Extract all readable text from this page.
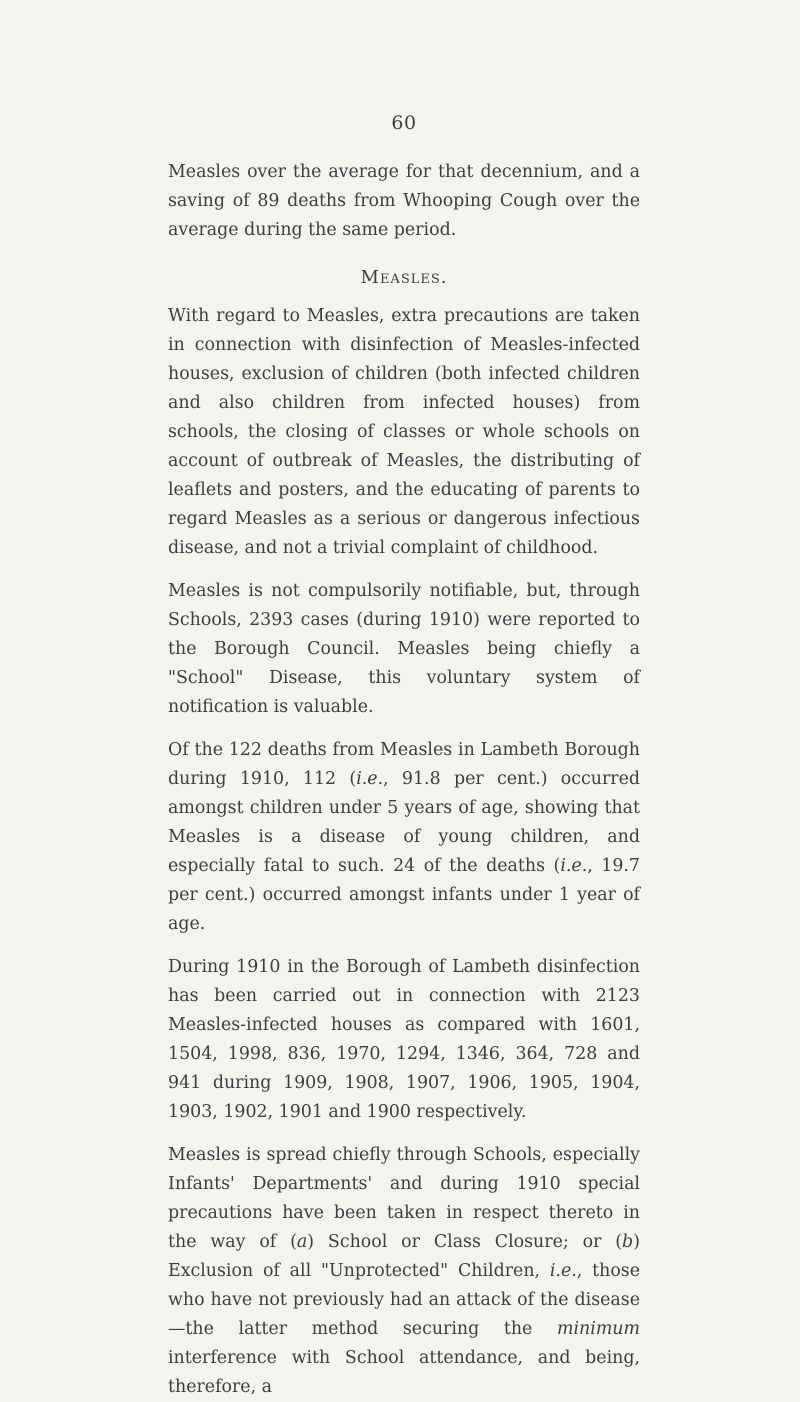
60

Measles over the average for that decennium, and a saving of 89 deaths from Whooping Cough over the average during the same period.

Measles.

With regard to Measles, extra precautions are taken in connection with disinfection of Measles-infected houses, exclusion of children (both infected children and also children from infected houses) from schools, the closing of classes or whole schools on account of outbreak of Measles, the distributing of leaflets and posters, and the educating of parents to regard Measles as a serious or dangerous infectious disease, and not a trivial complaint of childhood.

Measles is not compulsorily notifiable, but, through Schools, 2393 cases (during 1910) were reported to the Borough Council. Measles being chiefly a "School" Disease, this voluntary system of notification is valuable.

Of the 122 deaths from Measles in Lambeth Borough during 1910, 112 (i.e., 91.8 per cent.) occurred amongst children under 5 years of age, showing that Measles is a disease of young children, and especially fatal to such. 24 of the deaths (i.e., 19.7 per cent.) occurred amongst infants under 1 year of age.

During 1910 in the Borough of Lambeth disinfection has been carried out in connection with 2123 Measles-infected houses as compared with 1601, 1504, 1998, 836, 1970, 1294, 1346, 364, 728 and 941 during 1909, 1908, 1907, 1906, 1905, 1904, 1903, 1902, 1901 and 1900 respectively.

Measles is spread chiefly through Schools, especially Infants' Departments' and during 1910 special precautions have been taken in respect thereto in the way of (a) School or Class Closure; or (b) Exclusion of all "Unprotected" Children, i.e., those who have not previously had an attack of the disease—the latter method securing the minimum interference with School attendance, and being, therefore, a
